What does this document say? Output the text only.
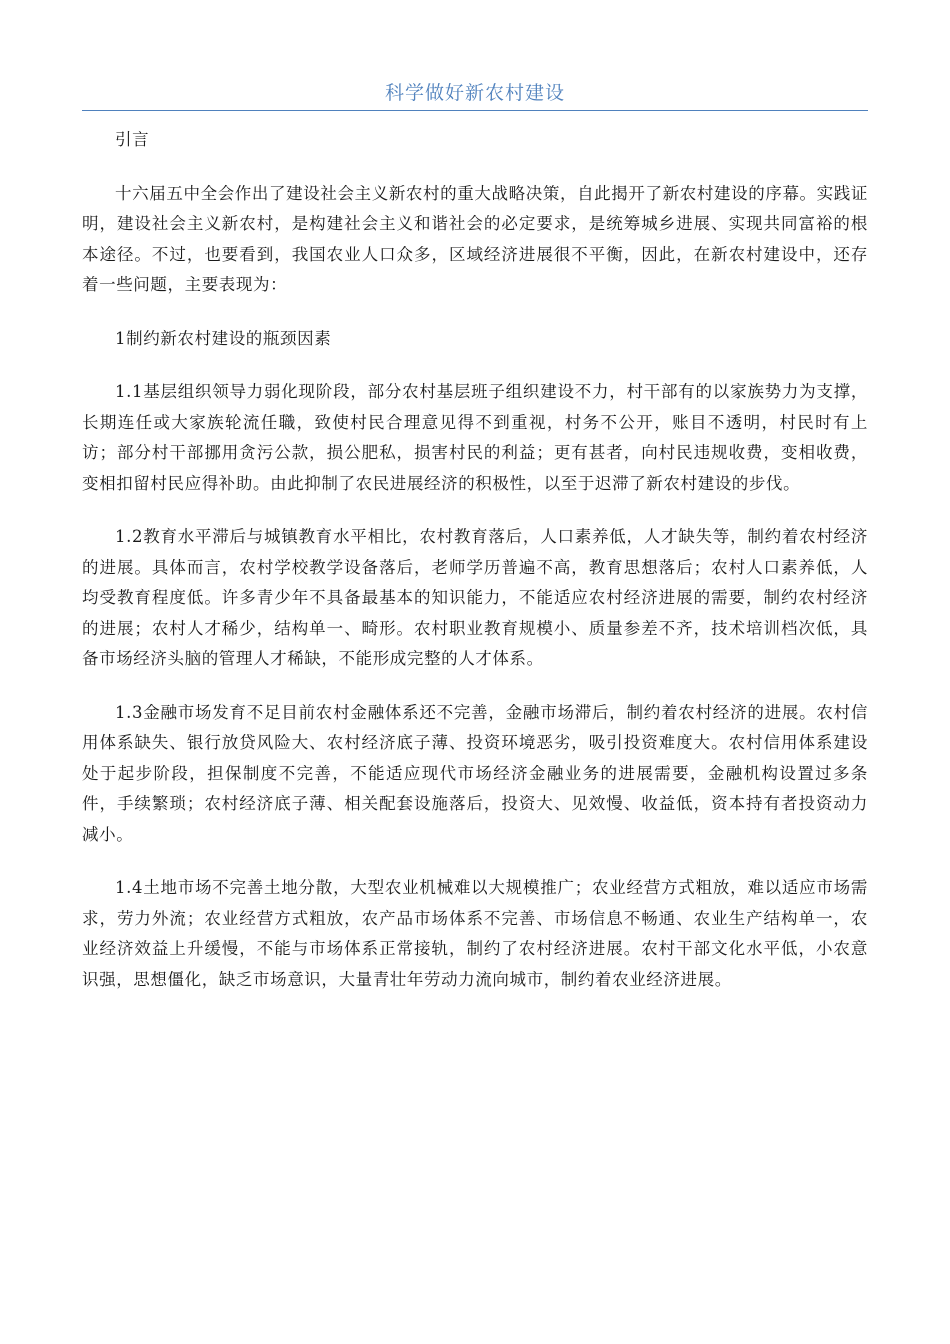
科学做好新农村建设

引言

十六届五中全会作出了建设社会主义新农村的重大战略决策，自此揭开了新农村建设的序幕。实践证明，建设社会主义新农村，是构建社会主义和谐社会的必定要求，是统筹城乡进展、实现共同富裕的根本途径。不过，也要看到，我国农业人口众多，区域经济进展很不平衡，因此，在新农村建设中，还存着一些问题，主要表现为：

1制约新农村建设的瓶颈因素

1.1基层组织领导力弱化现阶段，部分农村基层班子组织建设不力，村干部有的以家族势力为支撑，长期连任或大家族轮流任職，致使村民合理意见得不到重视，村务不公开，账目不透明，村民时有上访；部分村干部挪用贪污公款，损公肥私，损害村民的利益；更有甚者，向村民违规收费，变相收费，变相扣留村民应得补助。由此抑制了农民进展经济的积极性，以至于迟滞了新农村建设的步伐。

1.2教育水平滞后与城镇教育水平相比，农村教育落后，人口素养低，人才缺失等，制约着农村经济的进展。具体而言，农村学校教学设备落后，老师学历普遍不高，教育思想落后；农村人口素养低，人均受教育程度低。许多青少年不具备最基本的知识能力，不能适应农村经济进展的需要，制约农村经济的进展；农村人才稀少，结构单一、畸形。农村职业教育规模小、质量参差不齐，技术培训档次低，具备市场经济头脑的管理人才稀缺，不能形成完整的人才体系。

1.3金融市场发育不足目前农村金融体系还不完善，金融市场滞后，制约着农村经济的进展。农村信用体系缺失、银行放贷风险大、农村经济底子薄、投资环境恶劣，吸引投资难度大。农村信用体系建设处于起步阶段，担保制度不完善，不能适应现代市场经济金融业务的进展需要，金融机构设置过多条件，手续繁琐；农村经济底子薄、相关配套设施落后，投资大、见效慢、收益低，资本持有者投资动力减小。

1.4土地市场不完善土地分散，大型农业机械难以大规模推广；农业经营方式粗放，难以适应市场需求，劳力外流；农业经营方式粗放，农产品市场体系不完善、市场信息不畅通、农业生产结构单一，农业经济效益上升缓慢，不能与市场体系正常接轨，制约了农村经济进展。农村干部文化水平低，小农意识强，思想僵化，缺乏市场意识，大量青壮年劳动力流向城市，制约着农业经济进展。
